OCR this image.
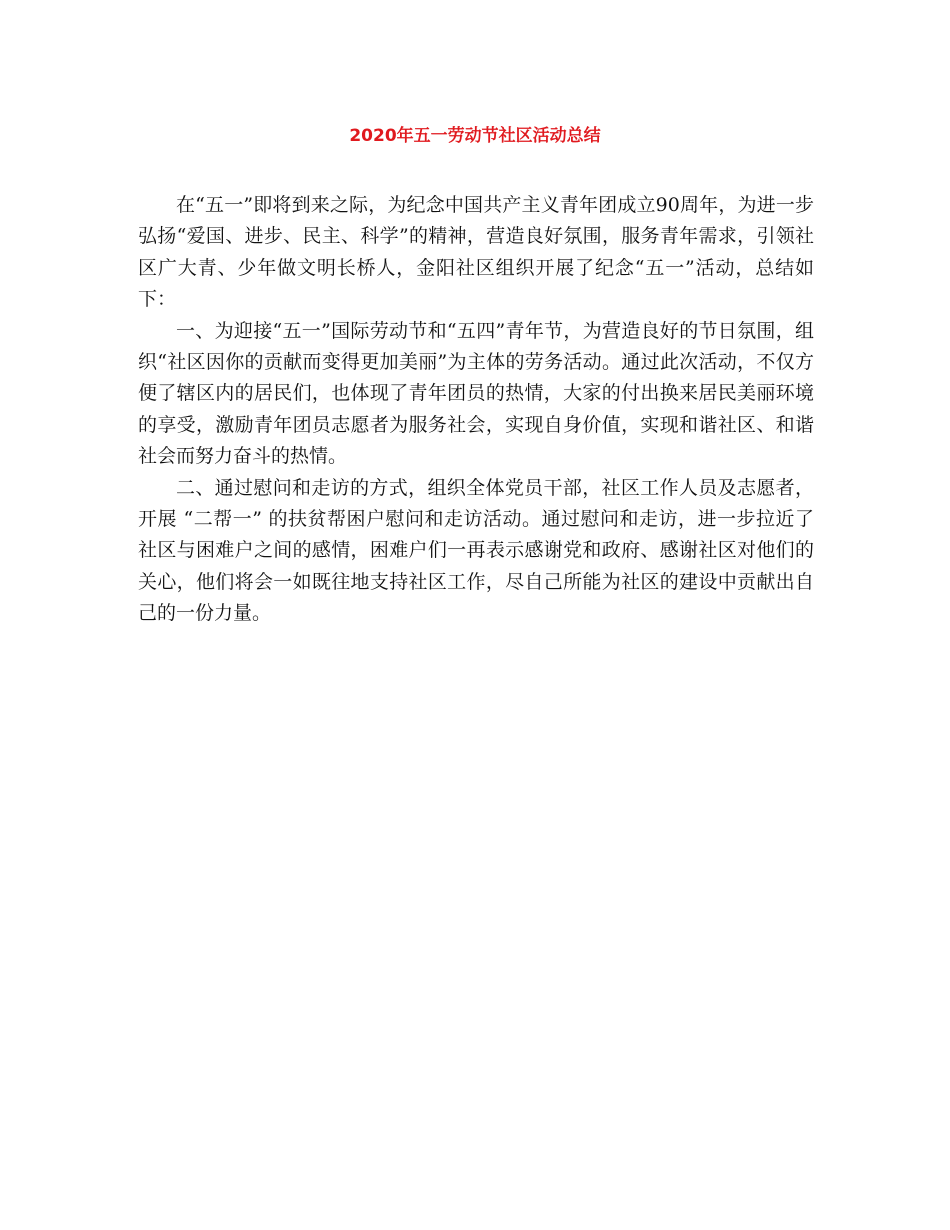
2020年五一劳动节社区活动总结

在“五一”即将到来之际，为纪念中国共产主义青年团成立90周年，为进一步弘扬“爱国、进步、民主、科学”的精神，营造良好氛围，服务青年需求，引领社区广大青、少年做文明长桥人，金阳社区组织开展了纪念“五一”活动，总结如下：

一、为迎接“五一”国际劳动节和“五四”青年节，为营造良好的节日氛围，组织“社区因你的贡献而变得更加美丽”为主体的劳务活动。通过此次活动，不仅方便了辖区内的居民们，也体现了青年团员的热情，大家的付出换来居民美丽环境的享受，激励青年团员志愿者为服务社会，实现自身价值，实现和谐社区、和谐社会而努力奋斗的热情。

二、通过慰问和走访的方式，组织全体党员干部，社区工作人员及志愿者，开展 “二帮一” 的扶贫帮困户慰问和走访活动。通过慰问和走访，进一步拉近了社区与困难户之间的感情，困难户们一再表示感谢党和政府、感谢社区对他们的关心，他们将会一如既往地支持社区工作，尽自己所能为社区的建设中贡献出自己的一份力量。
